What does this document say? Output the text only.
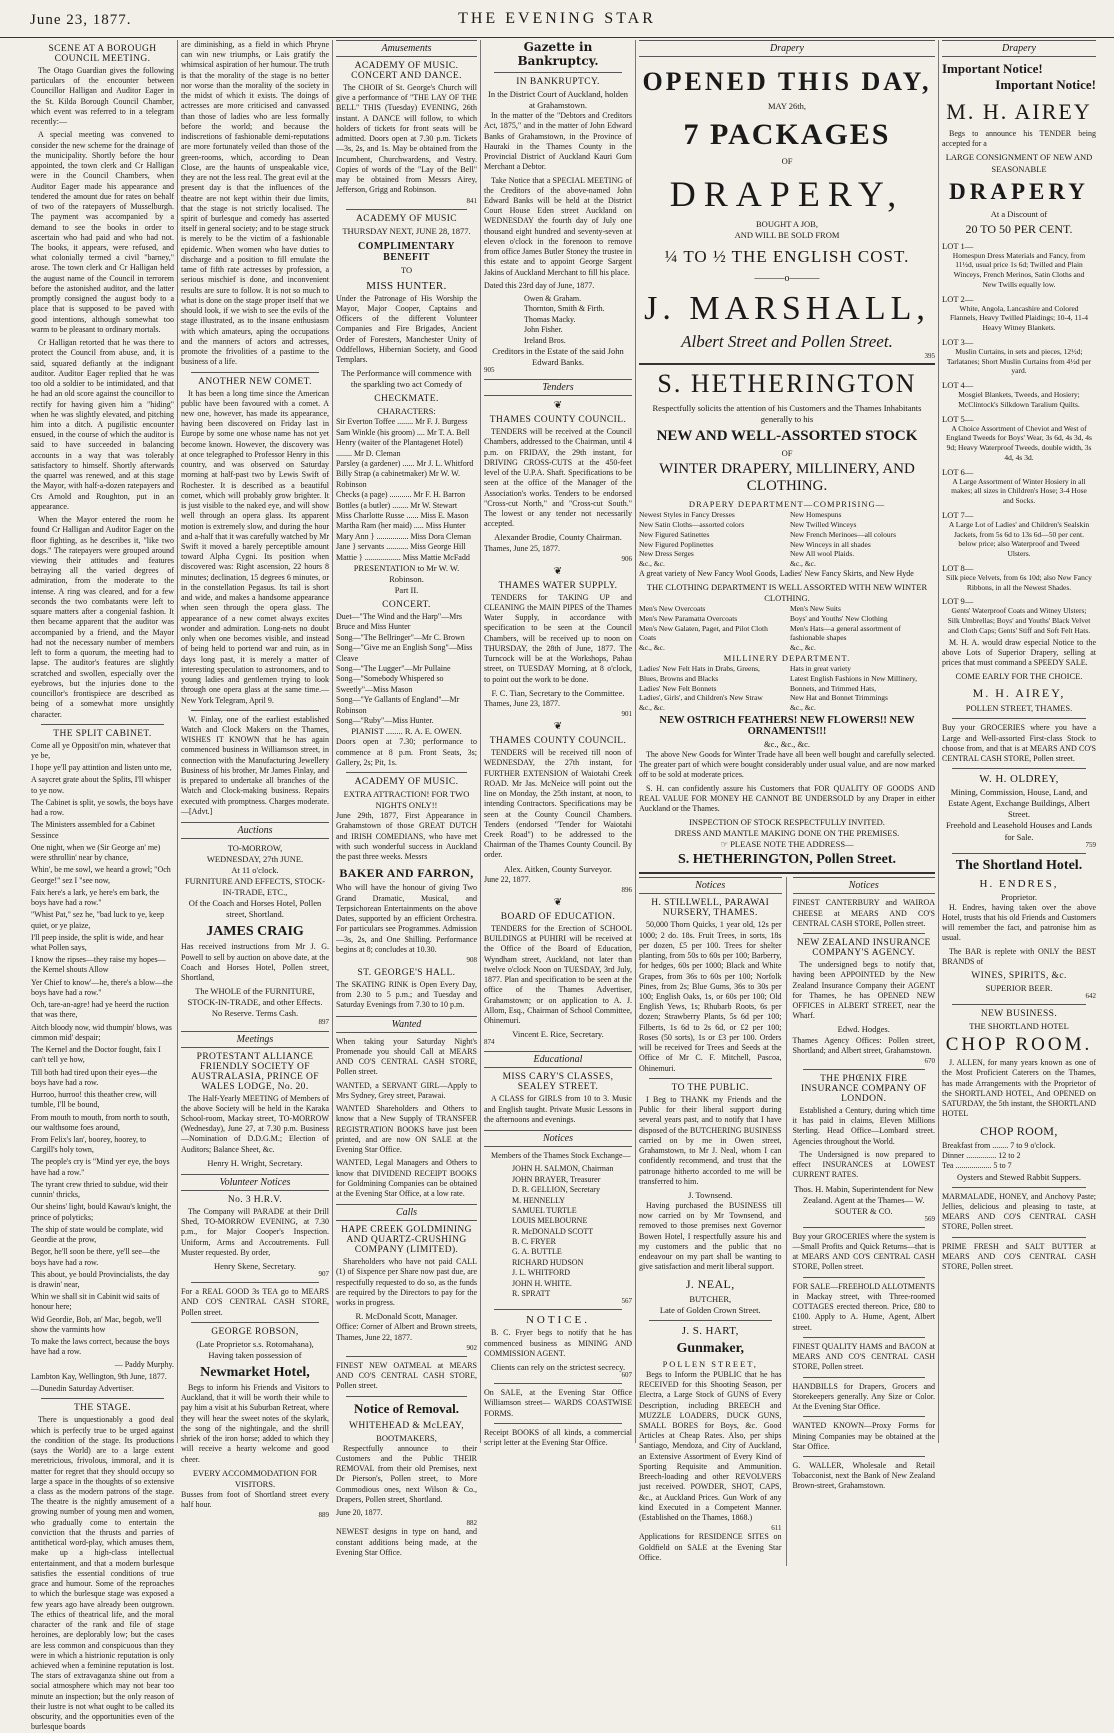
June 23, 1877.	THE EVENING STAR
SCENE AT A BOROUGH COUNCIL MEETING.

The Otago Guardian gives the following particulars of the encounter between Councillor Halligan and Auditor Eager in the St. Kilda Borough Council Chamber, which event was referred to in a telegram recently:—

A special meeting was convened to consider the new scheme for the drainage of the municipality. Shortly before the hour appointed, the town clerk and Cr Halligan were in the Council Chambers, when Auditor Eager made his appearance and tendered the amount due for rates on behalf of two of the ratepayers of Musselburgh. The payment was accompanied by a demand to see the books in order to ascertain who had paid and who had not. The books, it appears, were refused, and what colonially termed a civil "barney," arose. The town clerk and Cr Halligan held the august name of the Council in terrorem before the astonished auditor, and the latter promptly consigned the august body to a place that is supposed to be paved with good intentions, although somewhat too warm to be pleasant to ordinary mortals.

Cr Halligan retorted that he was there to protect the Council from abuse, and, it is said, squared defiantly at the indignant auditor. Auditor Eager replied that he was too old a soldier to be intimidated, and that he had an old score against the councillor to rectify for having given him a "hiding" when he was slightly elevated, and pitching him into a ditch. A pugilistic encounter ensued, in the course of which the auditor is said to have succeeded in balancing accounts in a way that was tolerably satisfactory to himself. Shortly afterwards the quarrel was renewed, and at this stage the Mayor, with half-a-dozen ratepayers and Crs Arnold and Roughton, put in an appearance.

When the Mayor entered the room he found Cr Halligan and Auditor Eager on the floor fighting, as he describes it, "like two dogs." The ratepayers were grouped around viewing their attitudes and features betraying all the varied degrees of admiration, from the moderate to the intense. A ring was cleared, and for a few seconds the two combatants were left to square matters after a congenial fashion. It then became apparent that the auditor was accompanied by a friend, and the Mayor had not the necessary number of members left to form a quorum, the meeting had to lapse. The auditor's features are slightly scratched and swollen, especially over the eyebrows, but the injuries done to the councillor's frontispiece are described as being of a somewhat more unsightly character.

THE SPLIT CABINET.

Come all ye Oppositi'on min, whatever that ye be,

I hope ye'll pay attintion and listen unto me,

A saycret grate about the Splits, I'll whisper to ye now.

The Cabinet is split, ye sowls, the boys have had a row.

The Ministers assembled for a Cabinet Sessince

One night, when we (Sir George an' me) were sthrollin' near by chance,

Whin', be me sowl, we heard a growl; "Och George!" sez I "see now,

Faix here's a lark, ye here's em bark, the boys have had a row."

"Whist Pat," sez he, "bad luck to ye, keep quiet, or ye plaize,

I'll peep inside, the split is wide, and hear what Pollen says,

I know the ripses—they raise my hopes—the Kernel shouts Allow

Yer Chief to know'—he, there's a blow—the boys have had a row."

Och, tare-an-agre! had ye heerd the ruction that was there,

Aitch bloody now, wid thumpin' blows, was cimmon mid' despair;

The Kernel and the Doctor fought, faix I can't tell ye how,

Till both had tired upon their eyes—the boys have had a row.

Hurroo, hurroo! this theather crew, will tumble, I'll be bound,

From mouth to mouth, from north to south, our walthsome foes around,

From Felix's lan', boorey, hoorey, to Cargill's holy town,

The people's cry is "Mind yer eye, the boys have had a row."

The tyrant crew thried to subdue, wid their cunnin' thricks,

Our sheins' light, bould Kawau's knight, the prince of polyticks;

The ship of state would be complate, wid Geordie at the prow,

Begor, he'll soon be there, ye'll see—the boys have had a row.

This about, ye bould Provincialists, the day is drawin' near,

Whin we shall sit in Cabinit wid saits of honour here;

Wid Geordie, Bob, an' Mac, begob, we'll show the varmints how

To make the laws correct, because the boys have had a row.

— Paddy Murphy.

Lambton Kay, Wellington, 9th June, 1877.

—Dunedin Saturday Advertiser.

THE STAGE.

There is unquestionably a good deal which is perfectly true to be urged against the condition of the stage. Its productions (says the World) are to a large extent meretricious, frivolous, immoral, and it is matter for regret that they should occupy so large a space in the thoughts of so extensive a class as the modern patrons of the stage. The theatre is the nightly amusement of a growing number of young men and women, who gradually come to entertain the conviction that the thrusts and parries of antithetical word-play, which amuses them, make up a high-class intellectual entertainment, and that a modern burlesque satisfies the essential conditions of true grace and humour. Some of the reproaches to which the burlesque stage was exposed a few years ago have already been outgrown. The ethics of theatrical life, and the moral character of the rank and file of stage heroines, are deplorably low; but the cases are less common and conspicuous than they were in which a histrionic reputation is only achieved when a feminine reputation is lost. The stars of extravaganza shine out from a social atmosphere which may not bear too minute an inspection; but the only reason of their lustre is not what ought to be called its obscurity, and the opportunities even of the burlesque boards

are diminishing, as a field in which Phryne can win new triumphs, or Lais gratify the whimsical aspiration of her humour. The truth is that the morality of the stage is no better nor worse than the morality of the society in the midst of which it exists. The doings of actresses are more criticised and canvassed than those of ladies who are less formally before the world; and because the indiscretions of fashionable demi-reputations are more fortunately veiled than those of the green-rooms, which, according to Dean Close, are the haunts of unspeakable vice, they are not the less real. The great evil at the present day is that the influences of the theatre are not kept within their due limits, that the stage is not strictly localised. The spirit of burlesque and comedy has asserted itself in general society; and to be stage struck is merely to be the victim of a fashionable epidemic. When women who have duties to discharge and a position to fill emulate the tame of fifth rate actresses by profession, a serious mischief is done, and inconvenient results are sure to follow. It is not so much to what is done on the stage proper itself that we should look, if we wish to see the evils of the stage illustrated, as to the insane enthusiasm with which amateurs, aping the occupations and the manners of actors and actresses, promote the frivolities of a pastime to the business of a life.

ANOTHER NEW COMET.

It has been a long time since the American public have been favoured with a comet. A new one, however, has made its appearance, having been discovered on Friday last in Europe by some one whose name has not yet become known. However, the discovery was at once telegraphed to Professor Henry in this country, and was observed on Saturday morning at half-past two by Lewis Swift of Rochester. It is described as a beautiful comet, which will probably grow brighter. It is just visible to the naked eye, and will show well through an opera glass. Its apparent motion is extremely slow, and during the hour and a-half that it was carefully watched by Mr Swift it moved a barely perceptible amount toward Alpha Cygni. Its position when discovered was: Right ascension, 22 hours 8 minutes; declination, 15 degrees 6 minutes, or in the constellation Pegasus. Its tail is short and wide, and makes a handsome appearance when seen through the opera glass. The appearance of a new comet always excites wonder and admiration. Long-nets no doubt only when one becomes visible, and instead of being held to portend war and ruin, as in days long past, it is merely a matter of interesting speculation to astronomers, and to young ladies and gentlemen trying to look through one opera glass at the same time.—New York Telegram, April 9.

W. Finlay, one of the earliest established Watch and Clock Makers on the Thames, WISHES IT KNOWN that he has again commenced business in Williamson street, in connection with the Manufacturing Jewellery Business of his brother, Mr James Finlay, and is prepared to undertake all branches of the Watch and Clock-making business. Repairs executed with promptness. Charges moderate.—[Advt.]

Auctions
TO-MORROW,
WEDNESDAY, 27th JUNE.
At 11 o'clock.
FURNITURE AND EFFECTS, STOCK-IN-TRADE, ETC.,
Of the Coach and Horses Hotel, Pollen street, Shortland.
JAMES CRAIG

Has received instructions from Mr J. G. Powell to sell by auction on above date, at the Coach and Horses Hotel, Pollen street, Shortland,

The WHOLE of the FURNITURE, STOCK-IN-TRADE, and other Effects.
No Reserve. Terms Cash.
897
Meetings
PROTESTANT ALLIANCE FRIENDLY SOCIETY OF AUSTRALASIA, PRINCE OF WALES LODGE, No. 20.

The Half-Yearly MEETING of Members of the above Society will be held in the Karaka School-room, Mackay street, TO-MORROW (Wednesday), June 27, at 7.30 p.m. Business—Nomination of D.D.G.M.; Election of Auditors; Balance Sheet, &c.

Henry H. Wright, Secretary.
Volunteer Notices
No. 3 H.R.V.

The Company will PARADE at their Drill Shed, TO-MORROW EVENING, at 7.30 p.m., for Major Cooper's Inspection. Uniform, Arms and Accoutrements. Full Muster requested. By order,

Henry Skene, Secretary.
907

For a REAL GOOD 3s TEA go to MEARS AND CO'S CENTRAL CASH STORE, Pollen street.

GEORGE ROBSON,
(Late Proprietor s.s. Rotomahana),
Having taken possession of
Newmarket Hotel,

Begs to inform his Friends and Visitors to Auckland, that it will be worth their while to pay him a visit at his Suburban Retreat, where they will hear the sweet notes of the skylark, the song of the nightingale, and the shrill shriek of the iron horse; added to which they will receive a hearty welcome and good cheer.

EVERY ACCOMMODATION FOR VISITORS.

Busses from foot of Shortland street every half hour.

889
Amusements
ACADEMY OF MUSIC. CONCERT AND DANCE.

The CHOIR of St. George's Church will give a performance of "THE LAY OF THE BELL" THIS (Tuesday) EVENING, 26th instant. A DANCE will follow, to which holders of tickets for front seats will be admitted. Doors open at 7.30 p.m. Tickets—3s, 2s, and 1s. May be obtained from the Incumbent, Churchwardens, and Vestry. Copies of words of the "Lay of the Bell" may be obtained from Messrs Airey, Jefferson, Grigg and Robinson.

841
ACADEMY OF MUSIC
THURSDAY NEXT, JUNE 28, 1877.
COMPLIMENTARY BENEFIT
TO
MISS HUNTER.

Under the Patronage of His Worship the Mayor, Major Cooper, Captains and Officers of the different Volunteer Companies and Fire Brigades, Ancient Order of Foresters, Manchester Unity of Oddfellows, Hibernian Society, and Good Templars.

The Performance will commence with the sparkling two act Comedy of
CHECKMATE.
CHARACTERS:
Sir Everton Toffee ........ Mr F. J. Burgess
Sam Winkle (his groom) .... Mr T. A. Bell
Henry (waiter of the Plantagenet Hotel) ........ Mr D. Cleman
Parsley (a gardener) ...... Mr J. L. Whitford
Billy Strap (a cabinetmaker) Mr W. W. Robinson
Checks (a page) ........... Mr F. H. Barron
Bottles (a butler) ........ Mr W. Stewart
Miss Charlotte Russe ...... Miss E. Mason
Martha Ram (her maid) ..... Miss Hunter
Mary Ann } ................ Miss Dora Cleman
Jane } servants ........... Miss George Hill
Mattie } .................. Miss Mattie McFadd
PRESENTATION to Mr W. W. Robinson.
Part II.
CONCERT.
Duet—"The Wind and the Harp"—Mrs Bruce and Miss Hunter
Song—"The Bellringer"—Mr C. Brown
Song—"Give me an English Song"—Miss Cleave
Song—"The Lugger"—Mr Pullaine
Song—"Somebody Whispered so Sweetly"—Miss Mason
Song—"Ye Gallants of England"—Mr Robinson
Song—"Ruby"—Miss Hunter.
PIANIST ........ R. A. E. OWEN.

Doors open at 7.30; performance to commence at 8 p.m. Front Seats, 3s; Gallery, 2s; Pit, 1s.

ACADEMY OF MUSIC.
EXTRA ATTRACTION! FOR TWO NIGHTS ONLY!!

June 29th, 1877, First Appearance in Grahamstown of those GREAT DUTCH and IRISH COMEDIANS, who have met with such wonderful success in Auckland the past three weeks. Messrs

BAKER AND FARRON,

Who will have the honour of giving Two Grand Dramatic, Musical, and Terpsichorean Entertainments on the above Dates, supported by an efficient Orchestra. For particulars see Programmes. Admission—3s, 2s, and One Shilling. Performance begins at 8; concludes at 10.30.

908
ST. GEORGE'S HALL.

The SKATING RINK is Open Every Day, from 2.30 to 5 p.m.; and Tuesday and Saturday Evenings from 7.30 to 10 p.m.

Wanted

When taking your Saturday Night's Promenade you should Call at MEARS AND CO'S CENTRAL CASH STORE, Pollen street.

WANTED, a SERVANT GIRL—Apply to Mrs Sydney, Grey street, Parawai.

WANTED Shareholders and Others to know that a New Supply of TRANSFER REGISTRATION BOOKS have just been printed, and are now ON SALE at the Evening Star Office.

WANTED, Legal Managers and Others to know that DIVIDEND RECEIPT BOOKS for Goldmining Companies can be obtained at the Evening Star Office, at a low rate.

Calls
HAPE CREEK GOLDMINING AND QUARTZ-CRUSHING COMPANY (LIMITED).

Shareholders who have not paid CALL (1) of Sixpence per Share now past due, are respectfully requested to do so, as the funds are required by the Directors to pay for the works in progress.

R. McDonald Scott, Manager.

Office: Corner of Albert and Brown streets, Thames, June 22, 1877.

902

FINEST NEW OATMEAL at MEARS AND CO'S CENTRAL CASH STORE, Pollen street.

Notice of Removal.
WHITEHEAD & McLEAY,
BOOTMAKERS,

Respectfully announce to their Customers and the Public THEIR REMOVAL from their old Premises, next Dr Pierson's, Pollen street, to More Commodious ones, next Wilson & Co., Drapers, Pollen street, Shortland.

June 20, 1877.

882

NEWEST designs in type on hand, and constant additions being made, at the Evening Star Office.

Gazette in Bankruptcy.
IN BANKRUPTCY.
In the District Court of Auckland, holden at Grahamstown.

In the matter of the "Debtors and Creditors Act, 1875," and in the matter of John Edward Banks of Grahamstown, in the Province of Hauraki in the Thames County in the Provincial District of Auckland Kauri Gum Merchant a Debtor.

Take Notice that a SPECIAL MEETING of the Creditors of the above-named John Edward Banks will be held at the District Court House Eden street Auckland on WEDNESDAY the fourth day of July one thousand eight hundred and seventy-seven at eleven o'clock in the forenoon to remove from office James Butler Stoney the trustee in this estate and to appoint George Sargent Jakins of Auckland Merchant to fill his place.

Dated this 23rd day of June, 1877.

Owen & Graham.
Thornton, Smith & Firth.
Thomas Macky.
John Fisher.
Ireland Bros.
Creditors in the Estate of the said John Edward Banks.
905
Tenders
❦
THAMES COUNTY COUNCIL.

TENDERS will be received at the Council Chambers, addressed to the Chairman, until 4 p.m. on FRIDAY, the 29th instant, for DRIVING CROSS-CUTS at the 450-feet level of the U.P.A. Shaft. Specifications to be seen at the office of the Manager of the Association's works. Tenders to be endorsed "Cross-cut North," and "Cross-cut South." The lowest or any tender not necessarily accepted.

Alexander Brodie, County Chairman.

Thames, June 25, 1877.

906
❦
THAMES WATER SUPPLY.

TENDERS for TAKING UP and CLEANING the MAIN PIPES of the Thames Water Supply, in accordance with specification to be seen at the Council Chambers, will be received up to noon on THURSDAY, the 28th of June, 1877. The Turncock will be at the Workshops, Pahau street, on TUESDAY Morning, at 8 o'clock, to point out the work to be done.

F. C. Tian, Secretary to the Committee.

Thames, June 23, 1877.

901
❦
THAMES COUNTY COUNCIL.

TENDERS will be received till noon of WEDNESDAY, the 27th instant, for FURTHER EXTENSION of Waiotahi Creek ROAD. Mr Jas. McNeice will point out the line on Monday, the 25th instant, at noon, to intending Contractors. Specifications may be seen at the County Council Chambers. Tenders (endorsed "Tender for Waiotahi Creek Road") to be addressed to the Chairman of the Thames County Council. By order.

Alex. Aitken, County Surveyor.

June 22, 1877.

896
❦
BOARD OF EDUCATION.

TENDERS for the Erection of SCHOOL BUILDINGS at PUHIRI will be received at the Office of the Board of Education, Wyndham street, Auckland, not later than twelve o'clock Noon on TUESDAY, 3rd July, 1877. Plan and specification to be seen at the office of the Thames Advertiser, Grahamstown; or on application to A. J. Allom, Esq., Chairman of School Committee, Ohinemuri.

Vincent E. Rice, Secretary.
874
Educational
MISS CARY'S CLASSES, SEALEY STREET.

A CLASS for GIRLS from 10 to 3. Music and English taught. Private Music Lessons in the afternoons and evenings.

Notices

Members of the Thames Stock Exchange—

JOHN H. SALMON, Chairman
JOHN BRAYER, Treasurer
D. R. GELLION, Secretary
M. HENNELLY
SAMUEL TURTLE
LOUIS MELBOURNE
R. McDONALD SCOTT
B. C. FRYER
G. A. BUTTLE
RICHARD HUDSON
J. L. WHITFORD
JOHN H. WHITE.
R. SPRATT
567
NOTICE.

B. C. Fryer begs to notify that he has commenced business as MINING AND COMMISSION AGENT.

Clients can rely on the strictest secrecy.
607

On SALE, at the Evening Star Office Williamson street— WARDS COASTWISE FORMS.

Receipt BOOKS of all kinds, a commercial script letter at the Evening Star Office.

Drapery
OPENED THIS DAY,
MAY 26th,
7 PACKAGES
OF
DRAPERY,
BOUGHT A JOB,
AND WILL BE SOLD FROM
¼ TO ½ THE ENGLISH COST.
———o———
J. MARSHALL,
Albert Street and Pollen Street.
395
S. HETHERINGTON
Respectfully solicits the attention of his Customers and the Thames Inhabitants generally to his
NEW AND WELL-ASSORTED STOCK
OF
WINTER DRAPERY, MILLINERY, AND CLOTHING.
DRAPERY DEPARTMENT—COMPRISING—
Newest Styles in Fancy Dresses
New Satin Cloths—assorted colors
New Figured Satinettes
New Figured Poplinettes
New Dress Serges
&c., &c.
New Homespuns
New Twilled Winceys
New French Merinoes—all colours
New Winceys in all shades
New All wool Plaids.
&c., &c.

A great variety of New Fancy Wool Goods, Ladies' New Fancy Skirts, and New Hyde

THE CLOTHING DEPARTMENT IS WELL ASSORTED WITH NEW WINTER CLOTHING.
Men's New Overcoats
Men's New Paramatta Overcoats
Men's New Galaten, Paget, and Pilot Cloth Coats
&c., &c.
Men's New Suits
Boys' and Youths' New Clothing
Men's Hats—a general assortment of fashionable shapes
&c., &c.
MILLINERY DEPARTMENT.
Ladies' New Felt Hats in Drabs, Greens,
Blues, Browns and Blacks
Ladies' New Felt Bonnets
Ladies', Girls', and Children's New Straw
&c., &c.
Hats in great variety
Latest English Fashions in New Millinery, Bonnets, and Trimmed Hats,
New Hat and Bonnet Trimmings
&c., &c.
NEW OSTRICH FEATHERS! NEW FLOWERS!! NEW ORNAMENTS!!!
&c., &c., &c.

The above New Goods for Winter Trade have all been well bought and carefully selected. The greater part of which were bought considerably under usual value, and are now marked off to be sold at moderate prices.

S. H. can confidently assure his Customers that FOR QUALITY OF GOODS AND REAL VALUE FOR MONEY HE CANNOT BE UNDERSOLD by any Draper in either Auckland or the Thames.

INSPECTION OF STOCK RESPECTFULLY INVITED.
DRESS AND MANTLE MAKING DONE ON THE PREMISES.
☞ PLEASE NOTE THE ADDRESS—
S. HETHERINGTON, Pollen Street.
Notices
H. STILLWELL, PARAWAI NURSERY, THAMES.

50,000 Thorn Quicks, 1 year old, 12s per 1000; 2 do. 18s. Fruit Trees, in sorts, 18s per dozen, £5 per 100. Trees for shelter planting, from 50s to 60s per 100; Barberry, for hedges, 60s per 1000; Black and White Grapes, from 36s to 60s per 100; Norfolk Pines, from 2s; Blue Gums, 36s to 30s per 100; English Oaks, 1s, or 60s per 100; Old English Yews, 1s; Rhubarb Roots, 6s per dozen; Strawberry Plants, 5s 6d per 100; Filberts, 1s 6d to 2s 6d, or £2 per 100; Roses (50 sorts), 1s or £3 per 100. Orders will be received for Trees and Seeds at the Office of Mr C. F. Mitchell, Pascoa, Ohinemuri.

TO THE PUBLIC.

I Beg to THANK my Friends and the Public for their liberal support during several years past, and to notify that I have disposed of the BUTCHERING BUSINESS carried on by me in Owen street, Grahamstown, to Mr J. Neal, whom I can confidently recommend, and trust that the patronage hitherto accorded to me will be transferred to him.

J. Townsend.

Having purchased the BUSINESS till now carried on by Mr Townsend, and removed to those premises next Governor Bowen Hotel, I respectfully assure his and my customers and the public that no endeavour on my part shall be wanting to give satisfaction and merit liberal support.

J. NEAL,
BUTCHER,
Late of Golden Crown Street.
J. S. HART,
Gunmaker,
POLLEN STREET,

Begs to Inform the PUBLIC that he has RECEIVED for this Shooting Season, per Electra, a Large Stock of GUNS of Every Description, including BREECH and MUZZLE LOADERS, DUCK GUNS, SMALL BORES for Boys, &c. Good Articles at Cheap Rates. Also, per ships Santiago, Mendoza, and City of Auckland, an Extensive Assortment of Every Kind of Sporting Requisite and Ammunition. Breech-loading and other REVOLVERS just received. POWDER, SHOT, CAPS, &c., at Auckland Prices. Gun Work of any kind Executed in a Competent Manner. (Established on the Thames, 1868.)

611

Applications for RESIDENCE SITES on Goldfield on SALE at the Evening Star Office.

Notices

FINEST CANTERBURY and WAIROA CHEESE at MEARS AND CO'S CENTRAL CASH STORE, Pollen street.

NEW ZEALAND INSURANCE COMPANY'S AGENCY.

The undersigned begs to notify that, having been APPOINTED by the New Zealand Insurance Company their AGENT for Thames, he has OPENED NEW OFFICES in ALBERT STREET, near the Wharf.

Edwd. Hodges.

Thames Agency Offices: Pollen street, Shortland; and Albert street, Grahamstown.

670
THE PHŒNIX FIRE INSURANCE COMPANY OF LONDON.

Established a Century, during which time it has paid in claims, Eleven Millions Sterling. Head Office—Lombard street. Agencies throughout the World.

The Undersigned is now prepared to effect INSURANCES at LOWEST CURRENT RATES.

Thos. H. Mabin, Superintendent for New Zealand. Agent at the Thames— W. SOUTER & CO.
569

Buy your GROCERIES where the system is—Small Profits and Quick Returns—that is at MEARS AND CO'S CENTRAL CASH STORE, Pollen street.

FOR SALE—FREEHOLD ALLOTMENTS in Mackay street, with Three-roomed COTTAGES erected thereon. Price, £80 to £100. Apply to A. Hume, Agent, Albert street.

FINEST QUALITY HAMS and BACON at MEARS AND CO'S CENTRAL CASH STORE, Pollen street.

HANDBILLS for Drapers, Grocers and Storekeepers generally. Any Size or Color. At the Evening Star Office.

WANTED KNOWN—Proxy Forms for Mining Companies may be obtained at the Star Office.

G. WALLER, Wholesale and Retail Tobacconist, next the Bank of New Zealand Brown-street, Grahamstown.

Drapery
Important Notice!
Important Notice!
M. H. AIREY

Begs to announce his TENDER being accepted for a

LARGE CONSIGNMENT OF NEW AND SEASONABLE
DRAPERY
At a Discount of
20 TO 50 PER CENT.
LOT 1—
Homespun Dress Materials and Fancy, from 11½d, usual price 1s 6d; Twilled and Plain Winceys, French Merinos, Satin Cloths and New Twills equally low.
LOT 2—
White, Angola, Lancashire and Colored Flannels, Heavy Twilled Plaidings; 10-4, 11-4 Heavy Witney Blankets.
LOT 3—
Muslin Curtains, in sets and pieces, 12½d; Tarlatanes; Short Muslin Curtains from 4½d per yard.
LOT 4—
Mosgiel Blankets, Tweeds, and Hosiery; McClintock's Silkdown Taralium Quilts.
LOT 5—
A Choice Assortment of Cheviot and West of England Tweeds for Boys' Wear, 3s 6d, 4s 3d, 4s 9d; Heavy Waterproof Tweeds, double width, 3s 4d, 4s 3d.
LOT 6—
A Large Assortment of Winter Hosiery in all makes; all sizes in Children's Hose; 3-4 Hose and Socks.
LOT 7—
A Large Lot of Ladies' and Children's Sealskin Jackets, from 5s 6d to 13s 6d—50 per cent. below price; also Waterproof and Tweed Ulsters.
LOT 8—
Silk piece Velvets, from 6s 10d; also New Fancy Ribbons, in all the Newest Shades.
LOT 9—
Gents' Waterproof Coats and Witney Ulsters; Silk Umbrellas; Boys' and Youths' Black Velvet and Cloth Caps; Gents' Stiff and Soft Felt Hats.

M. H. A. would draw especial Notice to the above Lots of Superior Drapery, selling at prices that must command a SPEEDY SALE.

COME EARLY FOR THE CHOICE.
M. H. AIREY,
POLLEN STREET, THAMES.

Buy your GROCERIES where you have a Large and Well-assorted First-class Stock to choose from, and that is at MEARS AND CO'S CENTRAL CASH STORE, Pollen street.

W. H. OLDREY,
Mining, Commission, House, Land, and Estate Agent, Exchange Buildings, Albert Street.
Freehold and Leasehold Houses and Lands for Sale.
759
The Shortland Hotel.
H. ENDRES,
Proprietor.

H. Endres, having taken over the above Hotel, trusts that his old Friends and Customers will remember the fact, and patronise him as usual.

The BAR is replete with ONLY the BEST BRANDS of

WINES, SPIRITS, &c.
SUPERIOR BEER.
642
NEW BUSINESS.
THE SHORTLAND HOTEL
CHOP ROOM.

J. ALLEN, for many years known as one of the Most Proficient Caterers on the Thames, has made Arrangements with the Proprietor of the SHORTLAND HOTEL, And OPENED on SATURDAY, the 5th instant, the SHORTLAND HOTEL

CHOP ROOM,
Breakfast from ........ 7 to 9 o'clock.
Dinner ............... 12 to 2
Tea .................. 5 to 7
Oysters and Stewed Rabbit Suppers.

MARMALADE, HONEY, and Anchovy Paste; Jellies, delicious and pleasing to taste, at MEARS AND CO'S CENTRAL CASH STORE, Pollen street.

PRIME FRESH and SALT BUTTER at MEARS AND CO'S CENTRAL CASH STORE, Pollen street.
